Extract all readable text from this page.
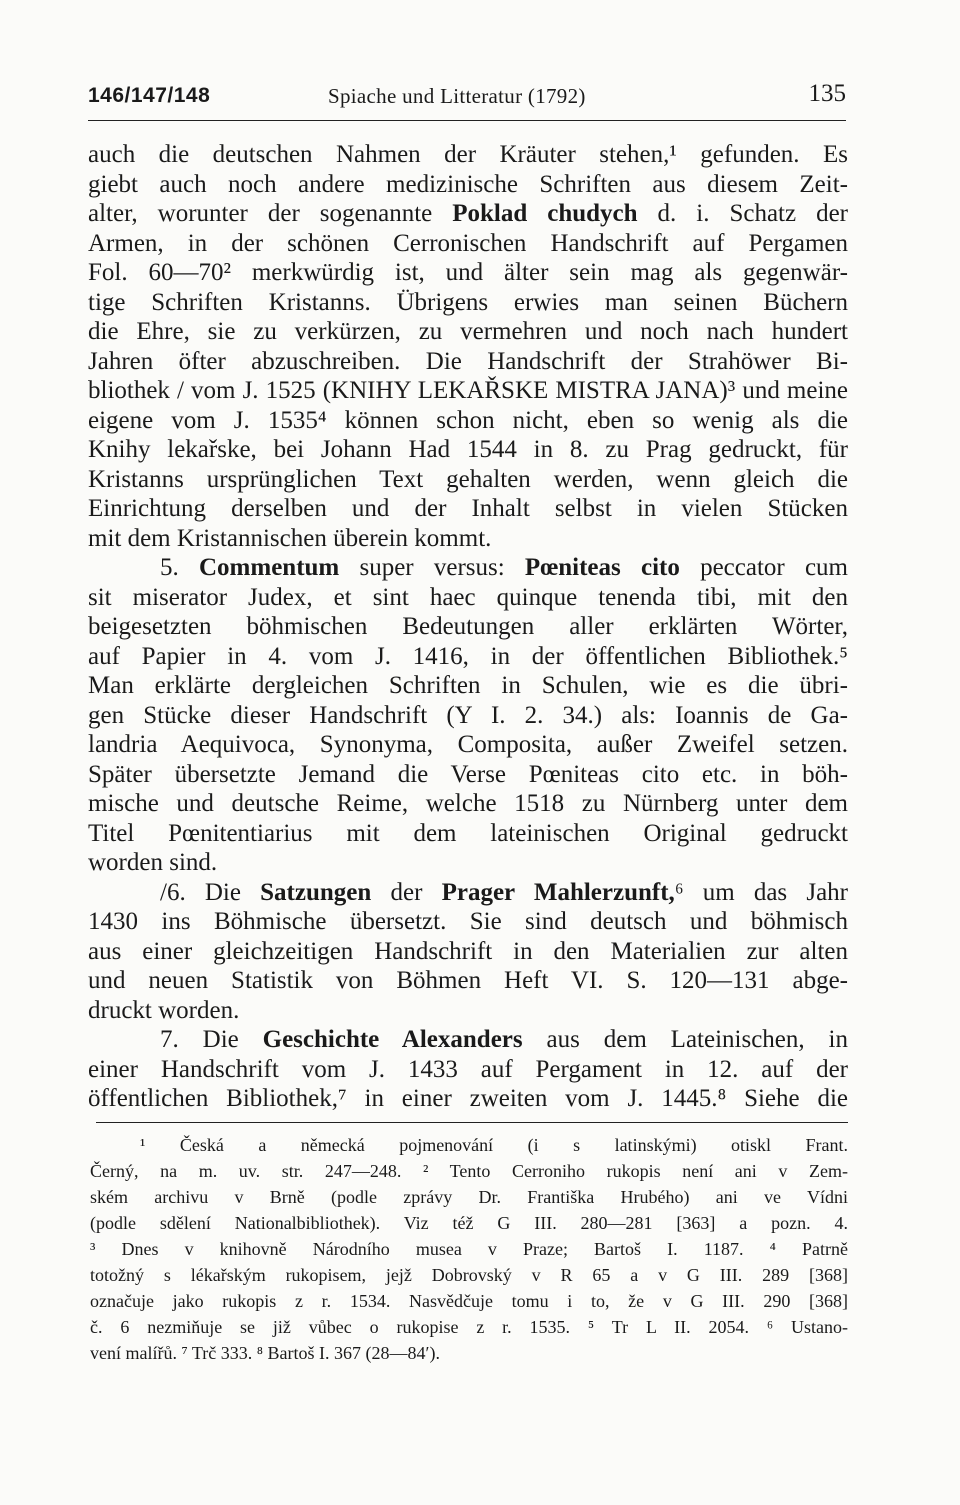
146/147/148	Spiache und Litteratur (1792)	135

auch die deutschen Nahmen der Kräuter stehen,¹ gefunden. Es

giebt auch noch andere medizinische Schriften aus diesem Zeit-

alter, worunter der sogenannte Poklad chudych d. i. Schatz der

Armen, in der schönen Cerronischen Handschrift auf Pergamen

Fol. 60—70² merkwürdig ist, und älter sein mag als gegenwär-

tige Schriften Kristanns. Übrigens erwies man seinen Büchern

die Ehre, sie zu verkürzen, zu vermehren und noch nach hundert

Jahren öfter abzuschreiben. Die Handschrift der Strahöwer Bi-

bliothek / vom J. 1525 (KNIHY LEKAŘSKE MISTRA JANA)³ und meine

eigene vom J. 1535⁴ können schon nicht, eben so wenig als die

Knihy lekařske, bei Johann Had 1544 in 8. zu Prag gedruckt, für

Kristanns ursprünglichen Text gehalten werden, wenn gleich die

Einrichtung derselben und der Inhalt selbst in vielen Stücken

mit dem Kristannischen überein kommt.

5. Commentum super versus: Pœniteas cito peccator cum

sit miserator Judex, et sint haec quinque tenenda tibi, mit den

beigesetzten böhmischen Bedeutungen aller erklärten Wörter,

auf Papier in 4. vom J. 1416, in der öffentlichen Bibliothek.⁵

Man erklärte dergleichen Schriften in Schulen, wie es die übri-

gen Stücke dieser Handschrift (Y I. 2. 34.) als: Ioannis de Ga-

landria Aequivoca, Synonyma, Composita, außer Zweifel setzen.

Später übersetzte Jemand die Verse Pœniteas cito etc. in böh-

mische und deutsche Reime, welche 1518 zu Nürnberg unter dem

Titel Pœnitentiarius mit dem lateinischen Original gedruckt

worden sind.

/6. Die Satzungen der Prager Mahlerzunft,⁶ um das Jahr

1430 ins Böhmische übersetzt. Sie sind deutsch und böhmisch

aus einer gleichzeitigen Handschrift in den Materialien zur alten

und neuen Statistik von Böhmen Heft VI. S. 120—131 abge-

druckt worden.

7. Die Geschichte Alexanders aus dem Lateinischen, in

einer Handschrift vom J. 1433 auf Pergament in 12. auf der

öffentlichen Bibliothek,⁷ in einer zweiten vom J. 1445.⁸ Siehe die

¹ Česká a německá pojmenování (i s latinskými) otiskl Frant.

Černý, na m. uv. str. 247—248. ² Tento Cerroniho rukopis není ani v Zem-

ském archivu v Brně (podle zprávy Dr. Františka Hrubého) ani ve Vídni

(podle sdělení Nationalbibliothek). Viz též G III. 280—281 [363] a pozn. 4.

³ Dnes v knihovně Národního musea v Praze; Bartoš I. 1187. ⁴ Patrně

totožný s lékařským rukopisem, jejž Dobrovský v R 65 a v G III. 289 [368]

označuje jako rukopis z r. 1534. Nasvědčuje tomu i to, že v G III. 290 [368]

č. 6 nezmiňuje se již vůbec o rukopise z r. 1535. ⁵ Tr L II. 2054. ⁶ Ustano-

vení malířů. ⁷ Trč 333. ⁸ Bartoš I. 367 (28—84′).
